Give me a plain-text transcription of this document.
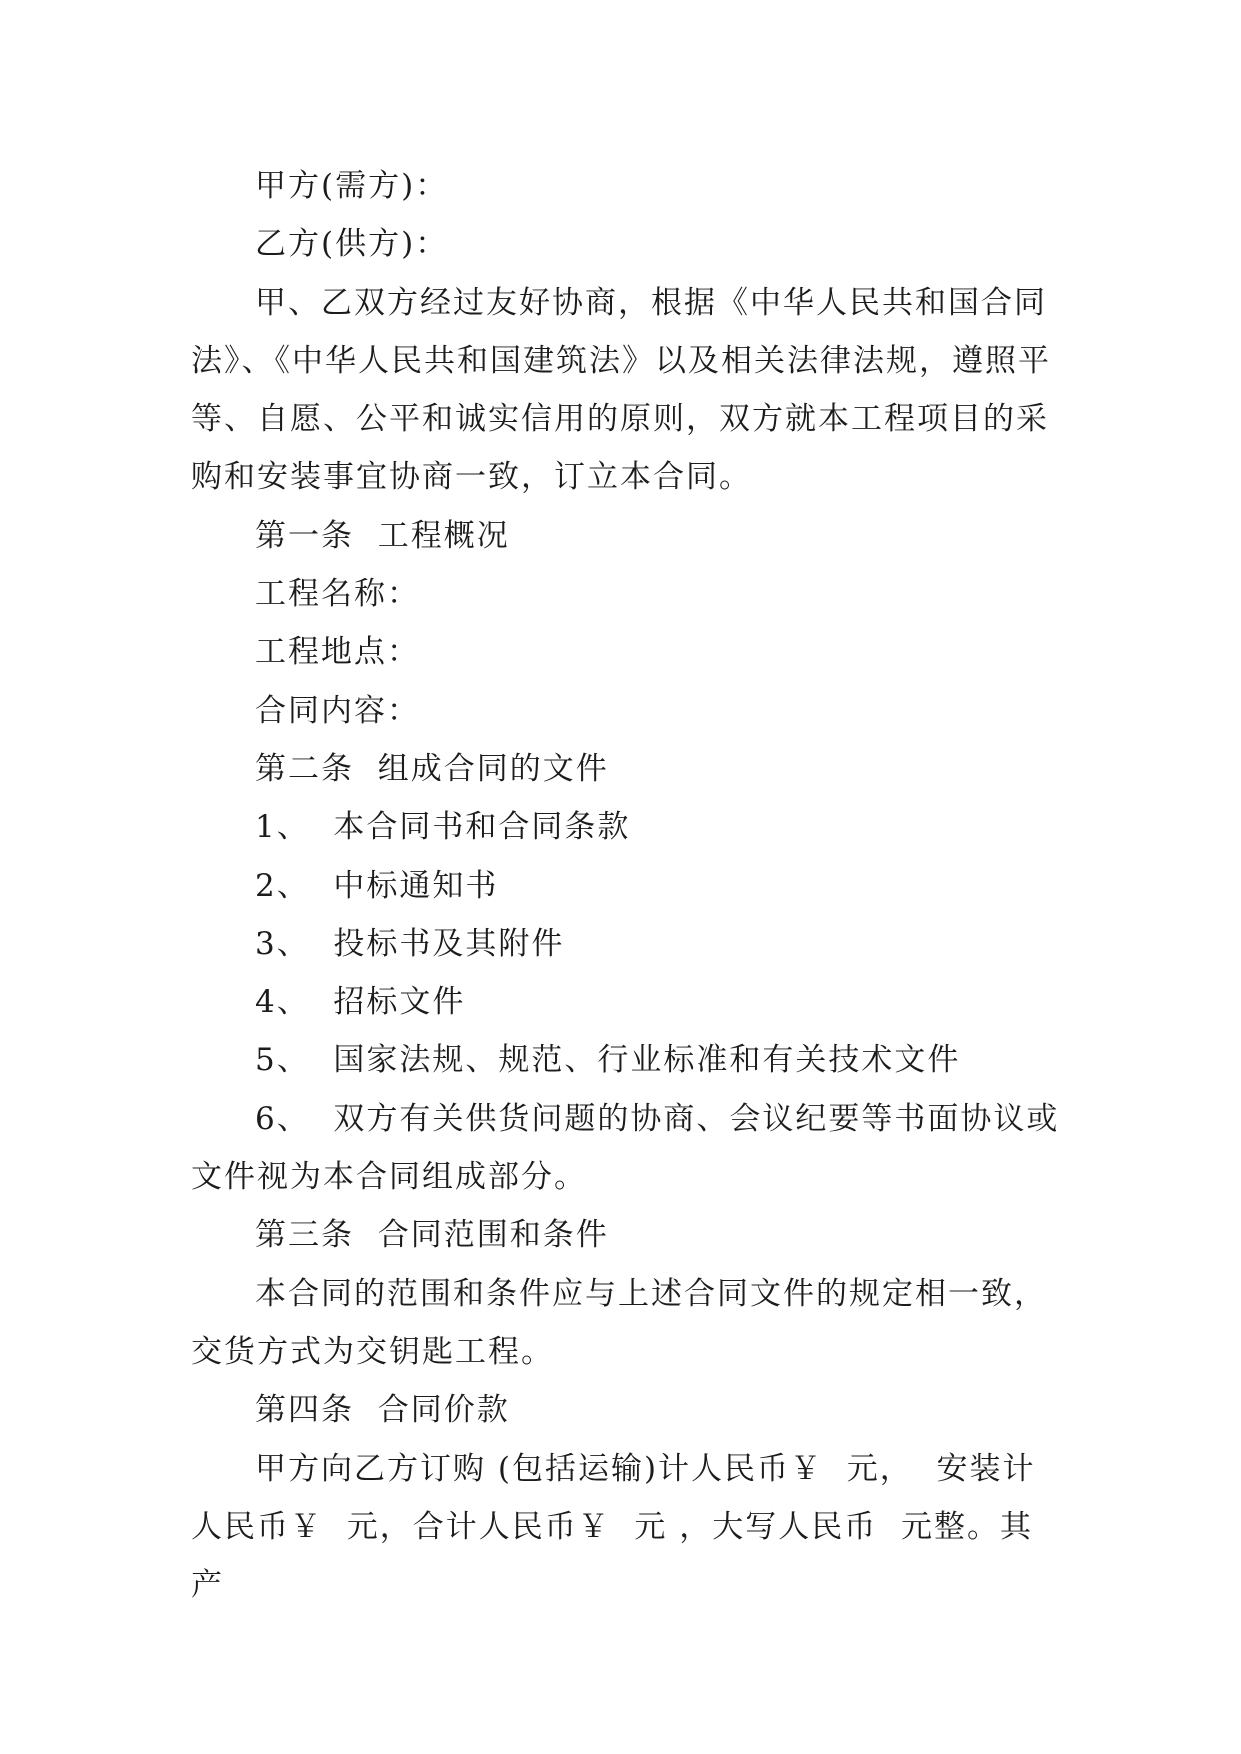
甲方(需方)：

乙方(供方)：

甲、乙双方经过友好协商，根据《中华人民共和国合同法》、《中华人民共和国建筑法》以及相关法律法规，遵照平等、自愿、公平和诚实信用的原则，双方就本工程项目的采购和安装事宜协商一致，订立本合同。

第一条  工程概况

工程名称：

工程地点：

合同内容：

第二条  组成合同的文件

1、  本合同书和合同条款

2、  中标通知书

3、  投标书及其附件

4、  招标文件

5、  国家法规、规范、行业标准和有关技术文件

6、  双方有关供货问题的协商、会议纪要等书面协议或文件视为本合同组成部分。

第三条  合同范围和条件

本合同的范围和条件应与上述合同文件的规定相一致，交货方式为交钥匙工程。

第四条  合同价款

甲方向乙方订购 (包括运输)计人民币￥  元，  安装计人民币￥  元，合计人民币￥  元 ，大写人民币  元整。其产
